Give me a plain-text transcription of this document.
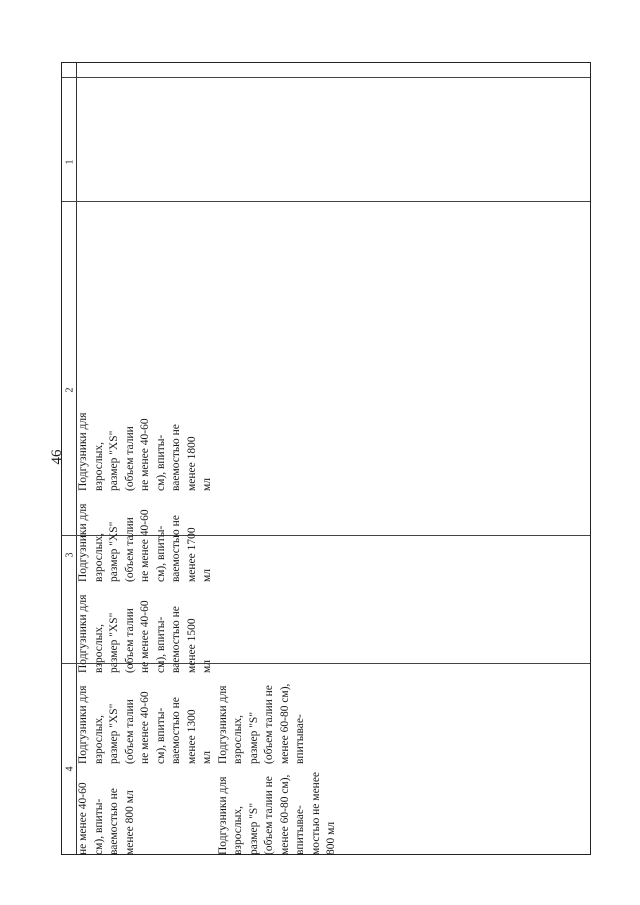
46
1
2
3
4

не менее 40-60 см), впиты-
ваемостью не менее 800 мл

Подгузники для взрослых,
размер "XS" (объем талии
не менее 40-60 см), впиты-
ваемостью не менее 1300
мл

Подгузники для взрослых,
размер "XS" (объем талии
не менее 40-60 см), впиты-
ваемостью не менее 1500
мл

Подгузники для взрослых,
размер "XS" (объем талии
не менее 40-60 см), впиты-
ваемостью не менее 1700
мл

Подгузники для взрослых,
размер "XS" (объем талии
не менее 40-60 см), впиты-
ваемостью не менее 1800
мл

Подгузники для взрослых,
размер "S" (объем талии не
менее 60-80 см), впитывае-
мостью не менее 800 мл

Подгузники для взрослых,
размер "S" (объем талии не
менее 60-80 см), впитывае-
